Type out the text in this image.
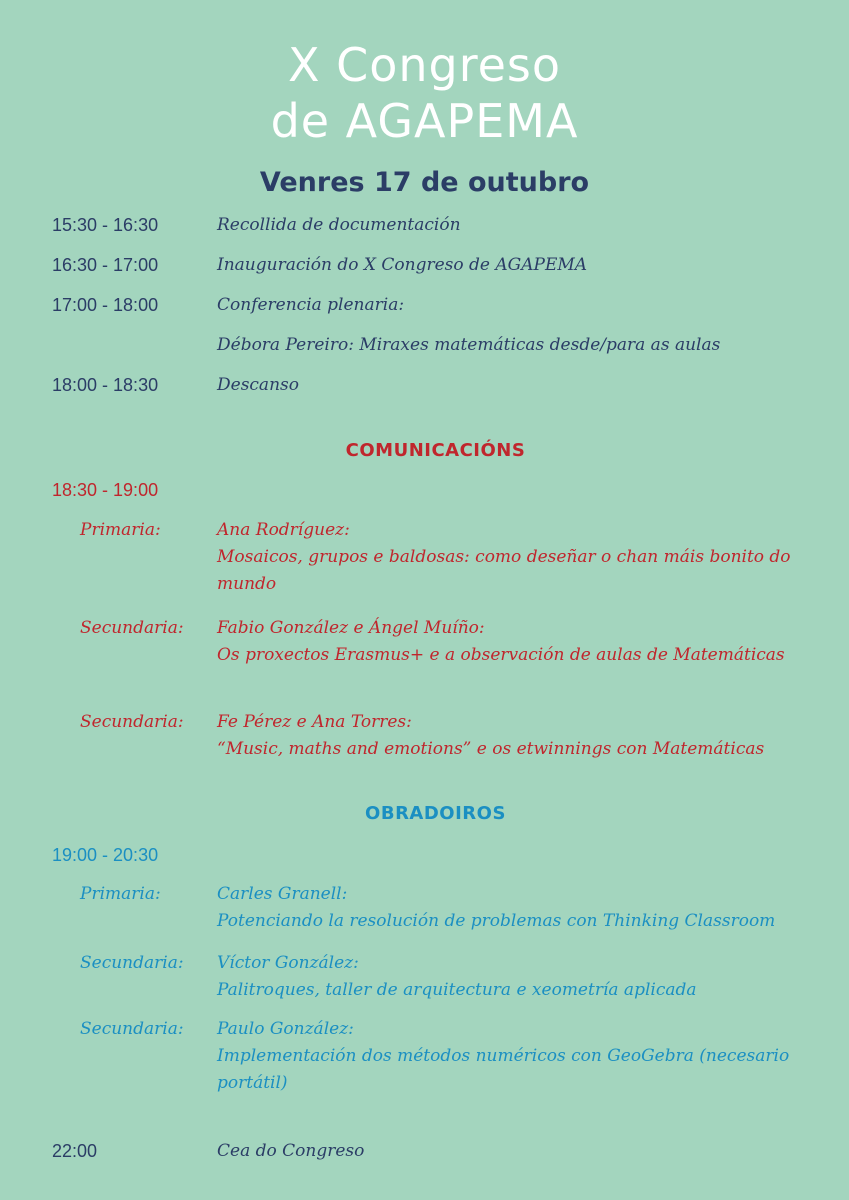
X Congreso
de AGAPEMA
Venres 17 de outubro
15:30 - 16:30	Recollida de documentación
16:30 - 17:00	Inauguración do X Congreso de AGAPEMA
17:00 - 18:00	Conferencia plenaria:
Débora Pereiro: Miraxes matemáticas desde/para as aulas
18:00 - 18:30	Descanso
COMUNICACIÓNS
18:30 - 19:00
Primaria:	Ana Rodríguez:
Mosaicos, grupos e baldosas: como deseñar o chan máis bonito do mundo
Secundaria: Fabio González e Ángel Muíño:
Os proxectos Erasmus+ e a observación de aulas de Matemáticas
Secundaria: Fe Pérez e Ana Torres:
“Music, maths and emotions” e os etwinnings con Matemáticas
OBRADOIROS
19:00 - 20:30
Primaria:	Carles Granell:
Potenciando la resolución de problemas con Thinking Classroom
Secundaria: Víctor González:
Palitroques, taller de arquitectura e xeometría aplicada
Secundaria: Paulo González:
Implementación dos métodos numéricos con GeoGebra (necesario portátil)
22:00	Cea do Congreso
